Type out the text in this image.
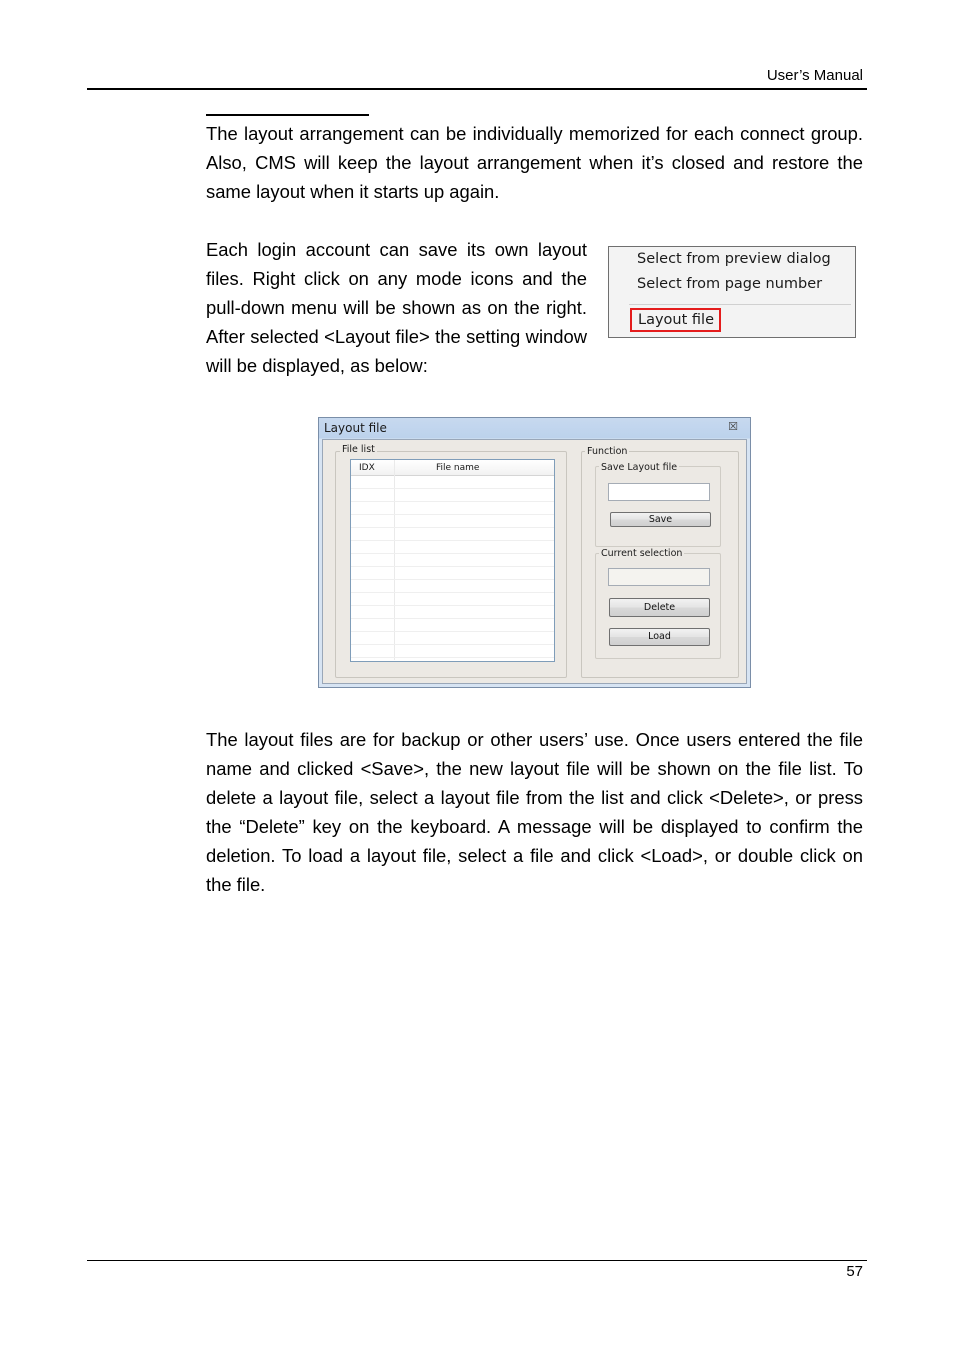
User’s Manual

The layout arrangement can be individually memorized for each connect group. Also, CMS will keep the layout arrangement when it’s closed and restore the same layout when it starts up again.

Each login account can save its own layout files. Right click on any mode icons and the pull-down menu will be shown as on the right. After selected <Layout file> the setting window will be displayed, as below:

Select from preview dialog
Select from page number
Layout file
Layout file	☒
File list
IDX	File name
Function
Save Layout file
Save
Current selection
Delete
Load

The layout files are for backup or other users’ use. Once users entered the file name and clicked <Save>, the new layout file will be shown on the file list. To delete a layout file, select a layout file from the list and click <Delete>, or press the “Delete” key on the keyboard. A message will be displayed to confirm the deletion. To load a layout file, select a file and click <Load>, or double click on the file.

57
